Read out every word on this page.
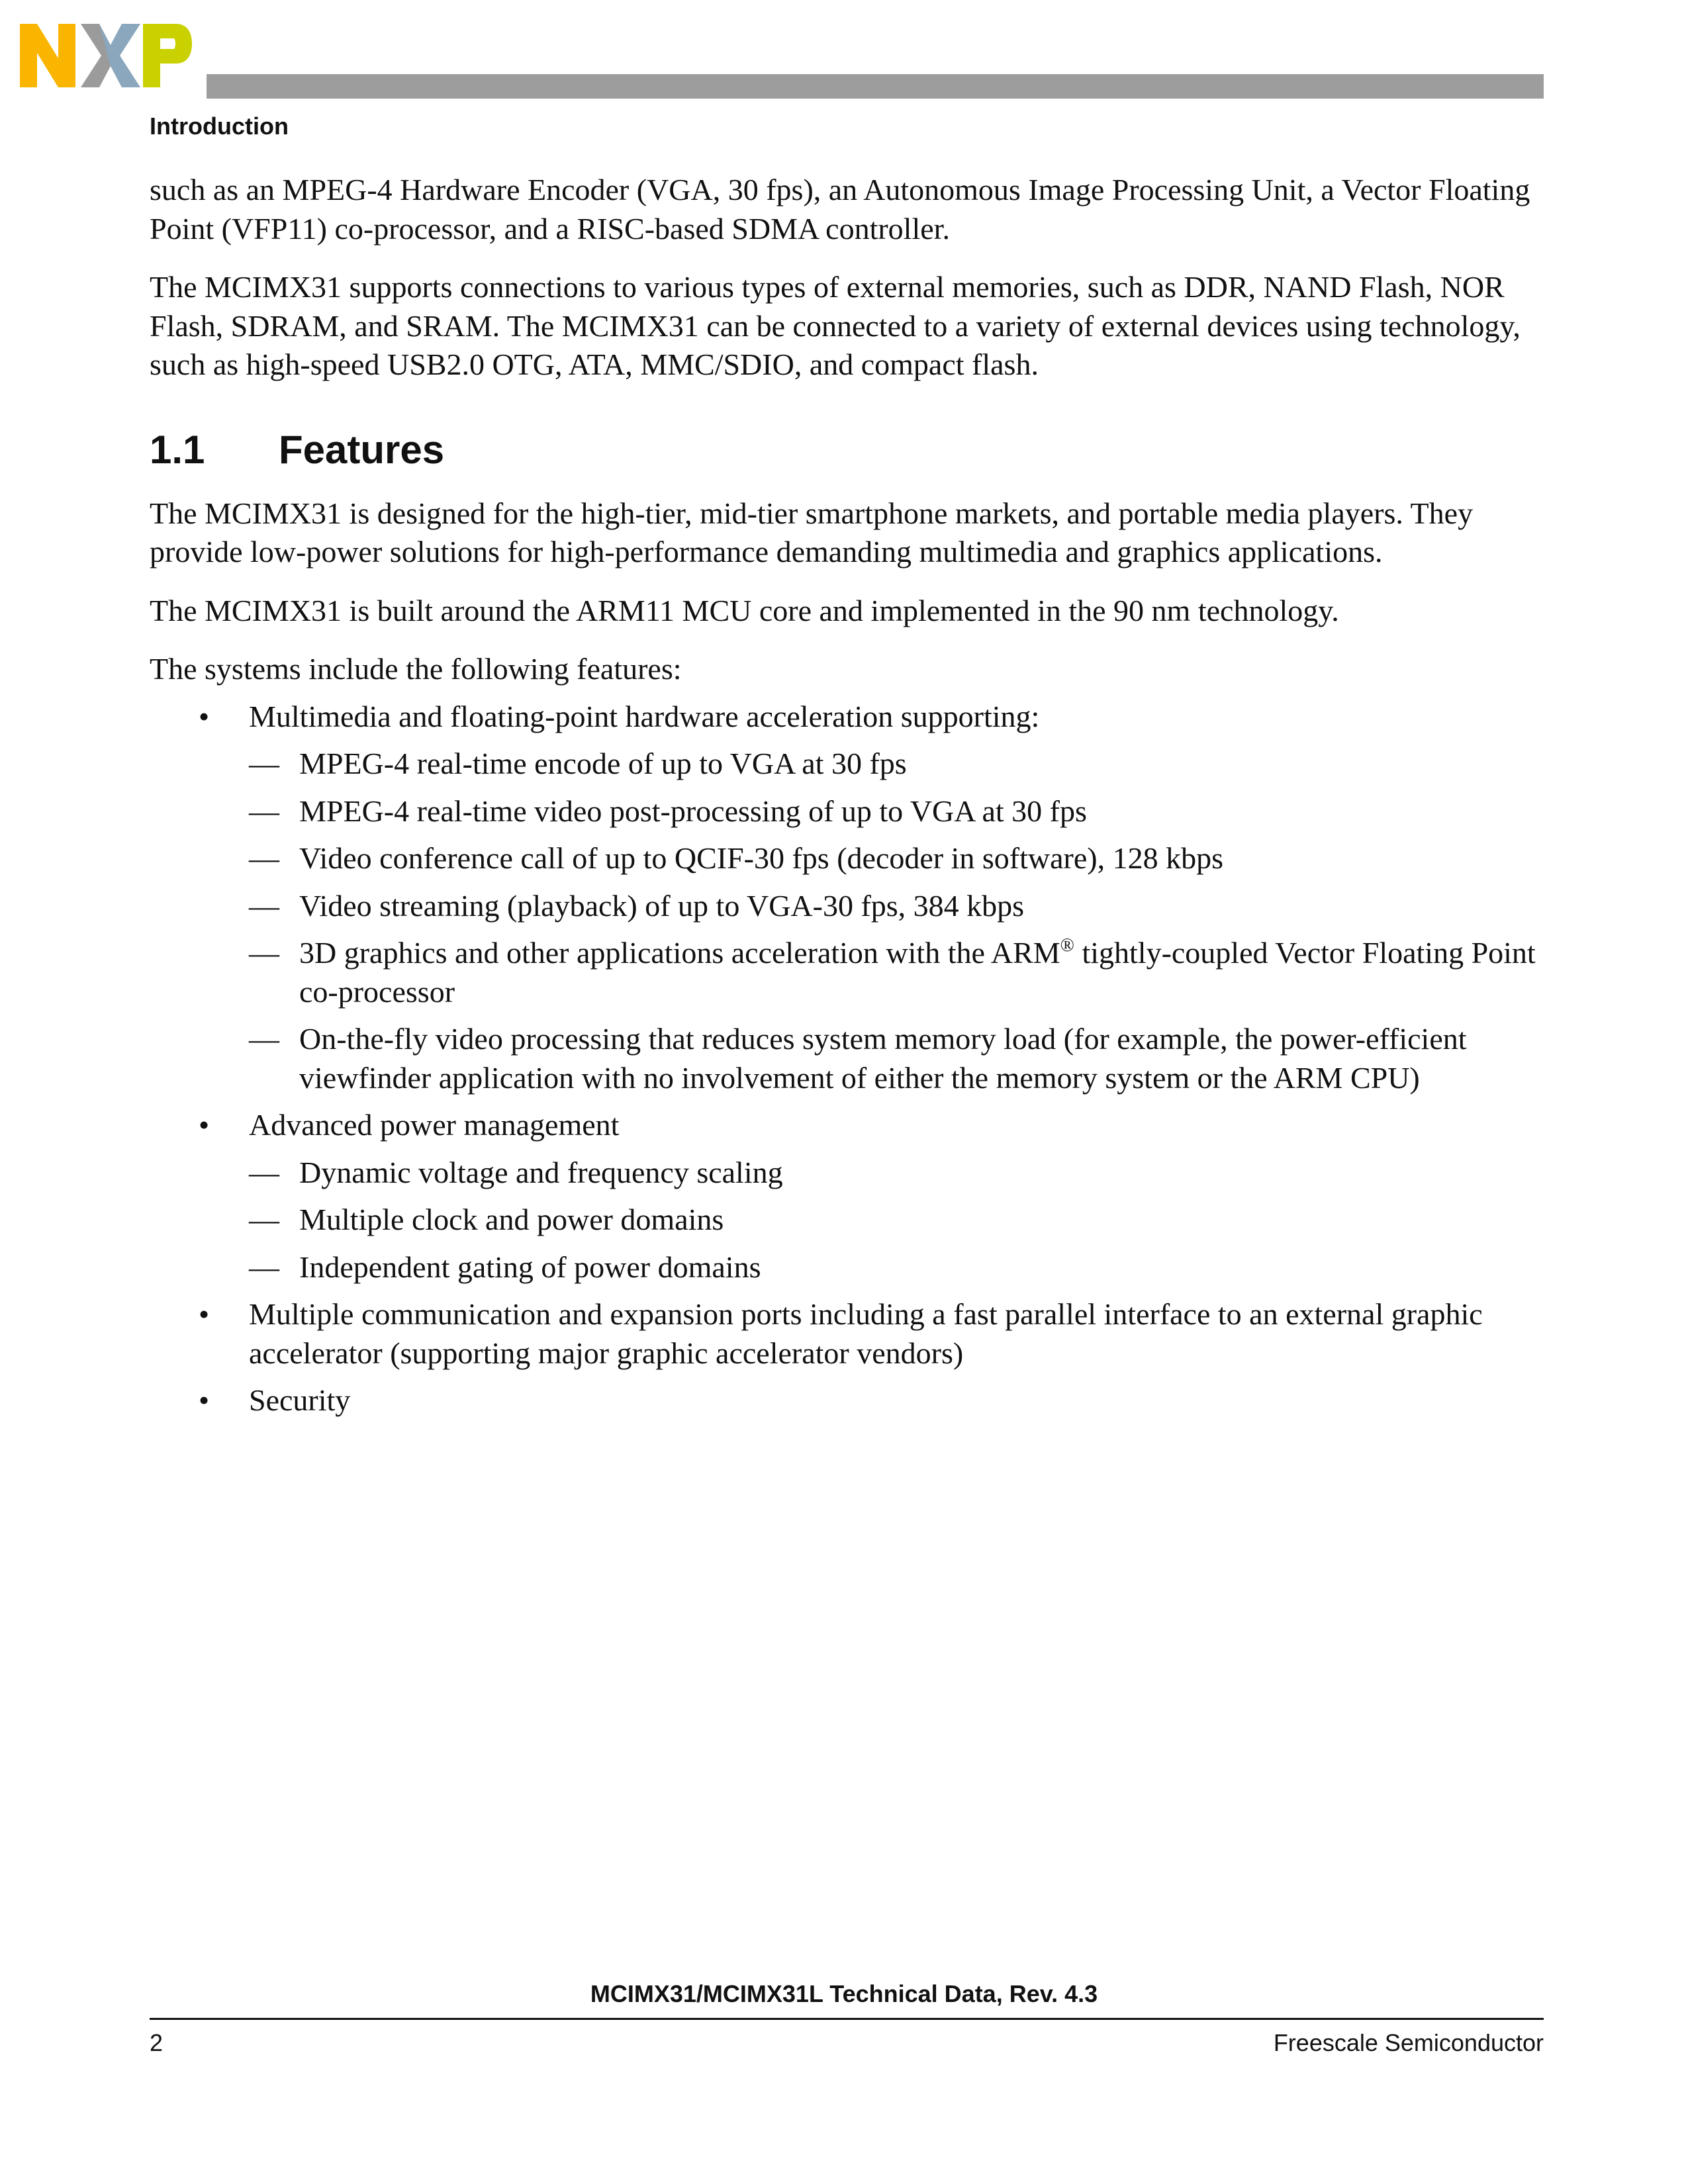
Introduction

such as an MPEG-4 Hardware Encoder (VGA, 30 fps), an Autonomous Image Processing Unit, a Vector Floating Point (VFP11) co-processor, and a RISC-based SDMA controller.

The MCIMX31 supports connections to various types of external memories, such as DDR, NAND Flash, NOR Flash, SDRAM, and SRAM. The MCIMX31 can be connected to a variety of external devices using technology, such as high-speed USB2.0 OTG, ATA, MMC/SDIO, and compact flash.

1.1	Features

The MCIMX31 is designed for the high-tier, mid-tier smartphone markets, and portable media players. They provide low-power solutions for high-performance demanding multimedia and graphics applications.

The MCIMX31 is built around the ARM11 MCU core and implemented in the 90 nm technology.

The systems include the following features:

• Multimedia and floating-point hardware acceleration supporting:
— MPEG-4 real-time encode of up to VGA at 30 fps
— MPEG-4 real-time video post-processing of up to VGA at 30 fps
— Video conference call of up to QCIF-30 fps (decoder in software), 128 kbps
— Video streaming (playback) of up to VGA-30 fps, 384 kbps
— 3D graphics and other applications acceleration with the ARM® tightly-coupled Vector Floating Point co-processor
— On-the-fly video processing that reduces system memory load (for example, the power-efficient viewfinder application with no involvement of either the memory system or the ARM CPU)
• Advanced power management
— Dynamic voltage and frequency scaling
— Multiple clock and power domains
— Independent gating of power domains
• Multiple communication and expansion ports including a fast parallel interface to an external graphic accelerator (supporting major graphic accelerator vendors)
• Security
MCIMX31/MCIMX31L Technical Data, Rev. 4.3
2	Freescale Semiconductor
